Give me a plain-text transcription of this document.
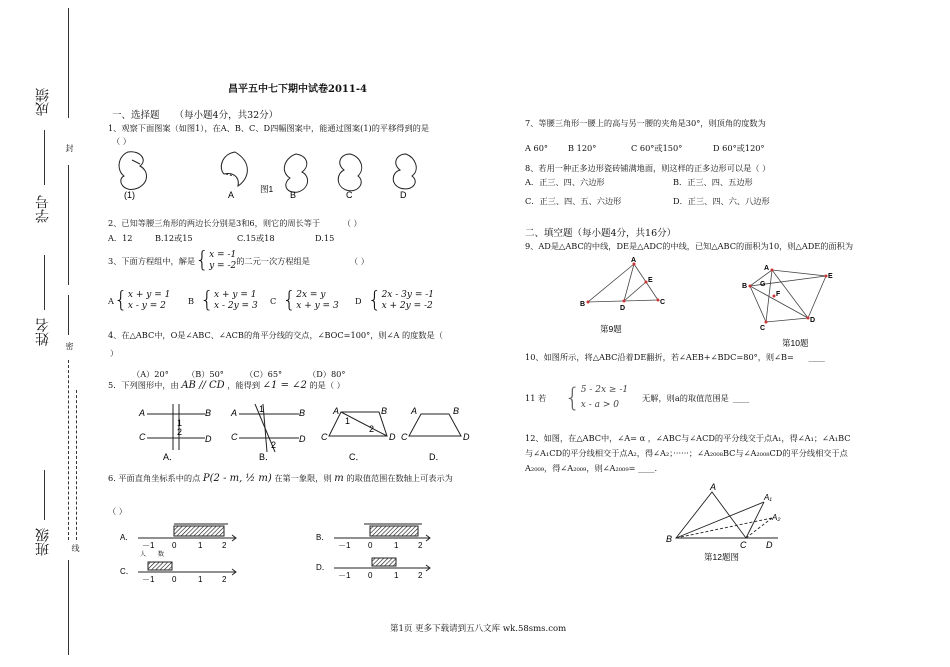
成绩
封
学号
姓名 密
班级	线
昌平五中七下期中试卷2011-4
一、选择题 （每小题4分，共32分）
1、观察下面图案（如图1），在A、B、C、D四幅图案中，能通过图案(1)的平移得到的是
（ ）
(1)	A	B	C	D
图1
2、已知等腰三角形的两边长分别是3和6，则它的周长等于	（ ）
A．12	B.12或15	C.15或18	D.15
3、下面方程组中，解是 { x = -1
y = -2
的二元一次方程组是	（ ）
A { x + y = 1
x - y = 2	B { x + y = 1
x - 2y = 3 C { 2x = y
x + y = 3 D { 2x - 3y = -1
x + 2y = -2
4、在△ABC中，O是∠ABC、∠ACB的角平分线的交点，∠BOC=100°，则∠A 的度数是（
）
（A）20° （B）50°	（C）65°	（D）80°
5．下列图形中，由 AB // CD ，能得到 ∠1 = ∠2 的是（ ）
A	B
C	D
1
2
A	B
C	D
1
2
A	B
C	D
1
2
A	B
C	D
A．	B．	C．	D．
6. 平面直角坐标系中的点 P(2 - m, ½ m) 在第一象限，则 m 的取值范围在数轴上可表示为
（ ）
A．
－1 0	1 2
B．
－1 0	1 2
人 数
C．
－1 0	1 2
D．
－1 0	1 2
7、等腰三角形一腰上的高与另一腰的夹角是30°，则顶角的度数为
A 60° B 120°	C 60°或150°	D 60°或120°
8、若用一种正多边形瓷砖铺满地面，则这样的正多边形可以是（ ）
A．正三、四、六边形	B．正三、四、五边形
C．正三、四、五、六边形	D．正三、四、六、八边形
二、填空题（每小题4分，共16分）
9、AD是△ABC的中线，DE是△ADC的中线，已知△ABC的面积为10，则△ADE的面积为
A
E
B
D
C
第9题
A
B G
F
E
C
D
第10题
10、如图所示，将△ABC沿着DE翻折，若∠AEB+∠BDC=80°，则∠B= ____
11 若 { 5 - 2x ≥ -1
x - a > 0
无解，则a的取值范围是 ____
12、如图，在△ABC中，∠A= α ，∠ABC与∠ACD的平分线交于点A₁，得∠A₁；∠A₁BC
与∠A₁CD的平分线相交于点A₂，得∠A₂；······；∠A₂₀₀₈BC与∠A₂₀₀₈CD的平分线相交于点
A₂₀₀₉，得∠A₂₀₀₉，则∠A₂₀₀₉= ____.
A
A₁
A₂
B
C D
第12题图
第1页 更多下载请到五八文库 wk.58sms.com
